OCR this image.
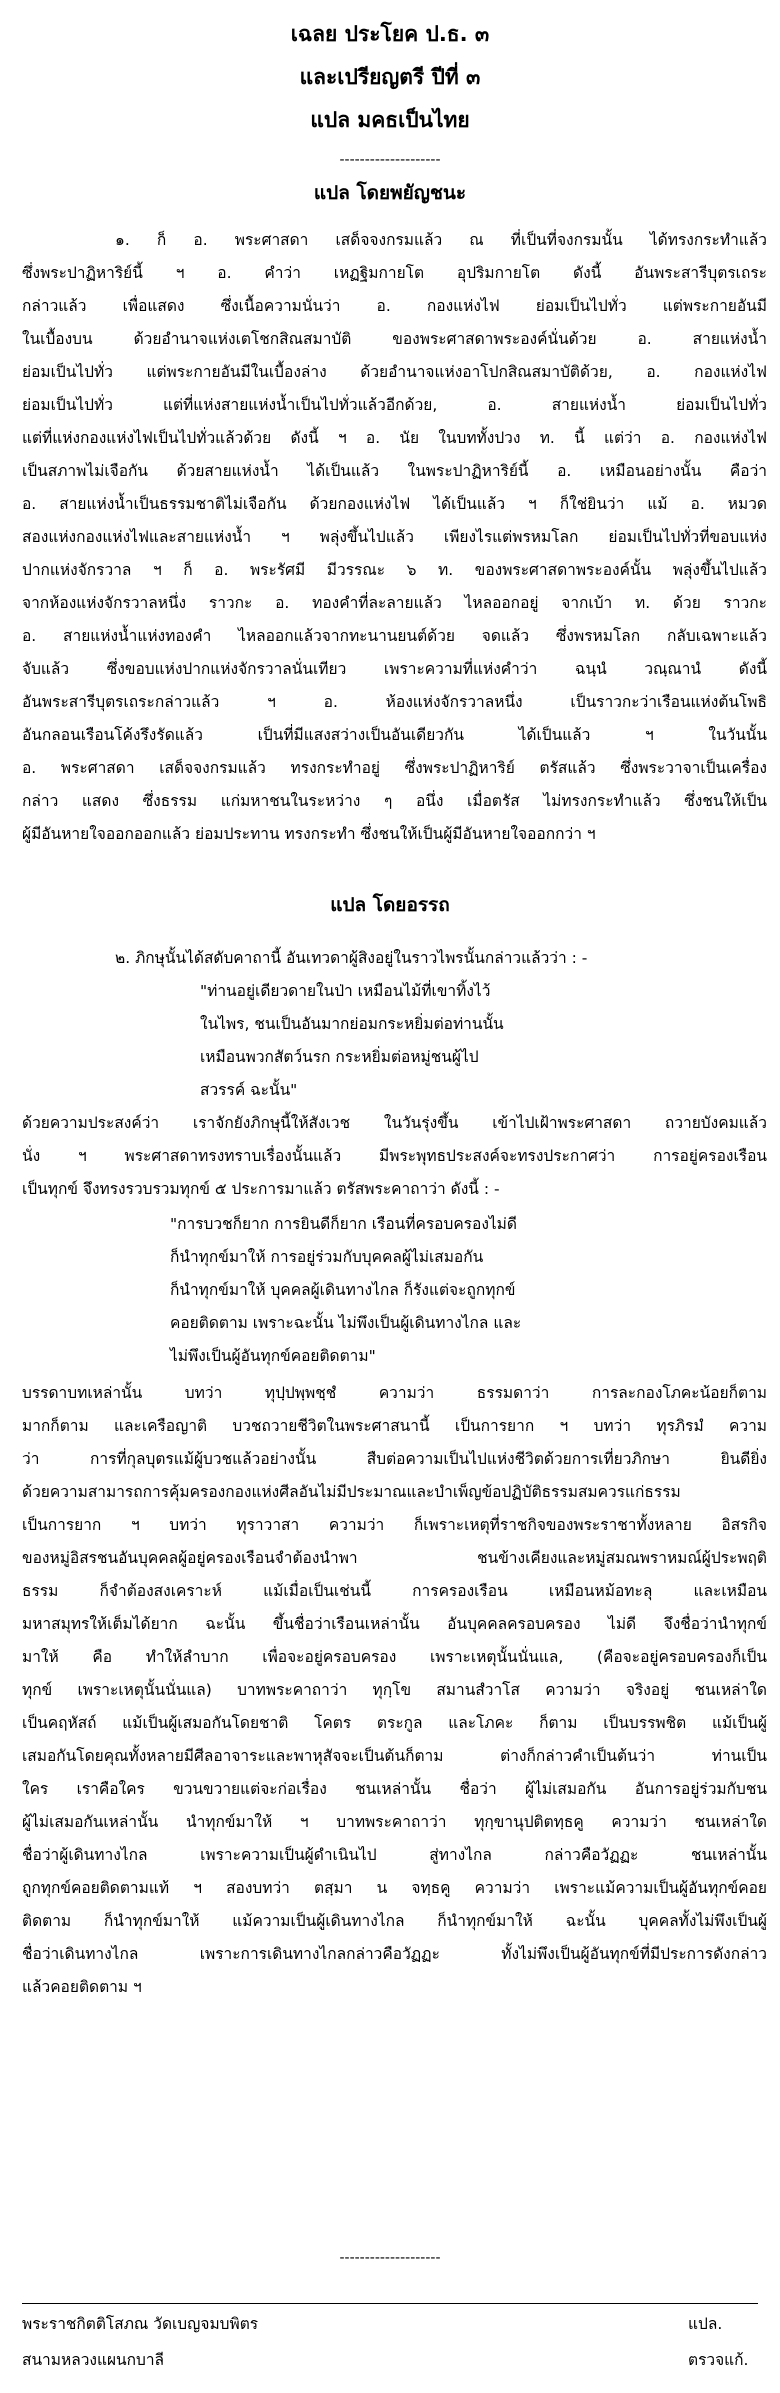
เฉลย ประโยค ป.ธ. ๓
และเปรียญตรี ปีที่ ๓
แปล มคธเป็นไทย
--------------------
แปล โดยพยัญชนะ
๑. ก็ อ. พระศาสดา เสด็จจงกรมแล้ว ณ ที่เป็นที่จงกรมนั้น ได้ทรงกระทำแล้ว
ซึ่งพระปาฏิหาริย์นี้ ฯ อ. คำว่า เหฏฐิมกายโต อุปริมกายโต ดังนี้ อันพระสารีบุตรเถระ
กล่าวแล้ว เพื่อแสดง ซึ่งเนื้อความนั่นว่า อ. กองแห่งไฟ ย่อมเป็นไปทั่ว แต่พระกายอันมี
ในเบื้องบน ด้วยอำนาจแห่งเตโชกสิณสมาบัติ ของพระศาสดาพระองค์นั่นด้วย อ. สายแห่งน้ำ
ย่อมเป็นไปทั่ว แต่พระกายอันมีในเบื้องล่าง ด้วยอำนาจแห่งอาโปกสิณสมาบัติด้วย, อ. กองแห่งไฟ
ย่อมเป็นไปทั่ว แต่ที่แห่งสายแห่งน้ำเป็นไปทั่วแล้วอีกด้วย, อ. สายแห่งน้ำ ย่อมเป็นไปทั่ว
แต่ที่แห่งกองแห่งไฟเป็นไปทั่วแล้วด้วย ดังนี้ ฯ อ. นัย ในบททั้งปวง ท. นี้ แต่ว่า อ. กองแห่งไฟ
เป็นสภาพไม่เจือกัน ด้วยสายแห่งน้ำ ได้เป็นแล้ว ในพระปาฏิหาริย์นี้ อ. เหมือนอย่างนั้น คือว่า
อ. สายแห่งน้ำเป็นธรรมชาติไม่เจือกัน ด้วยกองแห่งไฟ ได้เป็นแล้ว ฯ ก็ใช่ยินว่า แม้ อ. หมวด
สองแห่งกองแห่งไฟและสายแห่งน้ำ ฯ พลุ่งขึ้นไปแล้ว เพียงไรแต่พรหมโลก ย่อมเป็นไปทั่วที่ขอบแห่ง
ปากแห่งจักรวาล ฯ ก็ อ. พระรัศมี มีวรรณะ ๖ ท. ของพระศาสดาพระองค์นั้น พลุ่งขึ้นไปแล้ว
จากห้องแห่งจักรวาลหนึ่ง ราวกะ อ. ทองคำที่ละลายแล้ว ไหลออกอยู่ จากเบ้า ท. ด้วย ราวกะ
อ. สายแห่งน้ำแห่งทองคำ ไหลออกแล้วจากทะนานยนต์ด้วย จดแล้ว ซึ่งพรหมโลก กลับเฉพาะแล้ว
จับแล้ว ซึ่งขอบแห่งปากแห่งจักรวาลนั่นเทียว เพราะความที่แห่งคำว่า ฉนฺนํ วณฺณานํ ดังนี้
อันพระสารีบุตรเถระกล่าวแล้ว ฯ อ. ห้องแห่งจักรวาลหนึ่ง เป็นราวกะว่าเรือนแห่งต้นโพธิ
อันกลอนเรือนโค้งรึงรัดแล้ว เป็นที่มีแสงสว่างเป็นอันเดียวกัน ได้เป็นแล้ว ฯ ในวันนั้น
อ. พระศาสดา เสด็จจงกรมแล้ว ทรงกระทำอยู่ ซึ่งพระปาฏิหาริย์ ตรัสแล้ว ซึ่งพระวาจาเป็นเครื่อง
กล่าว แสดง ซึ่งธรรม แก่มหาชนในระหว่าง ๆ อนึ่ง เมื่อตรัส ไม่ทรงกระทำแล้ว ซึ่งชนให้เป็น
ผู้มีอันหายใจออกออกแล้ว ย่อมประทาน ทรงกระทำ ซึ่งชนให้เป็นผู้มีอันหายใจออกกว่า ฯ
แปล โดยอรรถ
๒. ภิกษุนั้นได้สดับคาถานี้ อันเทวดาผู้สิงอยู่ในราวไพรนั้นกล่าวแล้วว่า : -
"ท่านอยู่เดียวดายในป่า เหมือนไม้ที่เขาทิ้งไว้
ในไพร, ชนเป็นอันมากย่อมกระหยิ่มต่อท่านนั้น
เหมือนพวกสัตว์นรก กระหยิ่มต่อหมู่ชนผู้ไป
สวรรค์ ฉะนั้น"
ด้วยความประสงค์ว่า เราจักยังภิกษุนี้ให้สังเวช ในวันรุ่งขึ้น เข้าไปเฝ้าพระศาสดา ถวายบังคมแล้ว
นั่ง ฯ พระศาสดาทรงทราบเรื่องนั้นแล้ว มีพระพุทธประสงค์จะทรงประกาศว่า การอยู่ครองเรือน
เป็นทุกข์ จึงทรงรวบรวมทุกข์ ๕ ประการมาแล้ว ตรัสพระคาถาว่า ดังนี้ : -
"การบวชก็ยาก การยินดีก็ยาก เรือนที่ครอบครองไม่ดี
ก็นำทุกข์มาให้ การอยู่ร่วมกับบุคคลผู้ไม่เสมอกัน
ก็นำทุกข์มาให้ บุคคลผู้เดินทางไกล ก็รังแต่จะถูกทุกข์
คอยติดตาม เพราะฉะนั้น ไม่พึงเป็นผู้เดินทางไกล และ
ไม่พึงเป็นผู้อันทุกข์คอยติดตาม"
บรรดาบทเหล่านั้น บทว่า ทุปฺปพฺพชฺชํ ความว่า ธรรมดาว่า การละกองโภคะน้อยก็ตาม
มากก็ตาม และเครือญาติ บวชถวายชีวิตในพระศาสนานี้ เป็นการยาก ฯ บทว่า ทุรภิรมํ ความ
ว่า การที่กุลบุตรแม้ผู้บวชแล้วอย่างนั้น สืบต่อความเป็นไปแห่งชีวิตด้วยการเที่ยวภิกษา ยินดียิ่ง
ด้วยความสามารถการคุ้มครองกองแห่งศีลอันไม่มีประมาณและบำเพ็ญข้อปฏิบัติธรรมสมควรแก่ธรรม
เป็นการยาก ฯ บทว่า ทุราวาสา ความว่า ก็เพราะเหตุที่ราชกิจของพระราชาทั้งหลาย อิสรกิจ
ของหมู่อิสรชนอันบุคคลผู้อยู่ครองเรือนจำต้องนำพา ชนข้างเคียงและหมู่สมณพราหมณ์ผู้ประพฤติ
ธรรม ก็จำต้องสงเคราะห์ แม้เมื่อเป็นเช่นนี้ การครองเรือน เหมือนหม้อทะลุ และเหมือน
มหาสมุทรให้เต็มได้ยาก ฉะนั้น ขึ้นชื่อว่าเรือนเหล่านั้น อันบุคคลครอบครอง ไม่ดี จึงชื่อว่านำทุกข์
มาให้ คือ ทำให้ลำบาก เพื่อจะอยู่ครอบครอง เพราะเหตุนั้นนั่นแล, (คือจะอยู่ครอบครองก็เป็น
ทุกข์ เพราะเหตุนั้นนั่นแล) บาทพระคาถาว่า ทุกฺโข สมานสํวาโส ความว่า จริงอยู่ ชนเหล่าใด
เป็นคฤหัสถ์ แม้เป็นผู้เสมอกันโดยชาติ โคตร ตระกูล และโภคะ ก็ตาม เป็นบรรพชิต แม้เป็นผู้
เสมอกันโดยคุณทั้งหลายมีศีลอาจาระและพาหุสัจจะเป็นต้นก็ตาม ต่างก็กล่าวคำเป็นต้นว่า ท่านเป็น
ใคร เราคือใคร ขวนขวายแต่จะก่อเรื่อง ชนเหล่านั้น ชื่อว่า ผู้ไม่เสมอกัน อันการอยู่ร่วมกับชน
ผู้ไม่เสมอกันเหล่านั้น นำทุกข์มาให้ ฯ บาทพระคาถาว่า ทุกฺขานุปติตทฺธคู ความว่า ชนเหล่าใด
ชื่อว่าผู้เดินทางไกล เพราะความเป็นผู้ดำเนินไป สู่ทางไกล กล่าวคือวัฏฏะ ชนเหล่านั้น
ถูกทุกข์คอยติดตามแท้ ฯ สองบทว่า ตสฺมา น จทฺธคู ความว่า เพราะแม้ความเป็นผู้อันทุกข์คอย
ติดตาม ก็นำทุกข์มาให้ แม้ความเป็นผู้เดินทางไกล ก็นำทุกข์มาให้ ฉะนั้น บุคคลทั้งไม่พึงเป็นผู้
ชื่อว่าเดินทางไกล เพราะการเดินทางไกลกล่าวคือวัฏฏะ ทั้งไม่พึงเป็นผู้อันทุกข์ที่มีประการดังกล่าว
แล้วคอยติดตาม ฯ
--------------------
พระราชกิตติโสภณ วัดเบญจมบพิตร	แปล.
สนามหลวงแผนกบาลี	ตรวจแก้.
